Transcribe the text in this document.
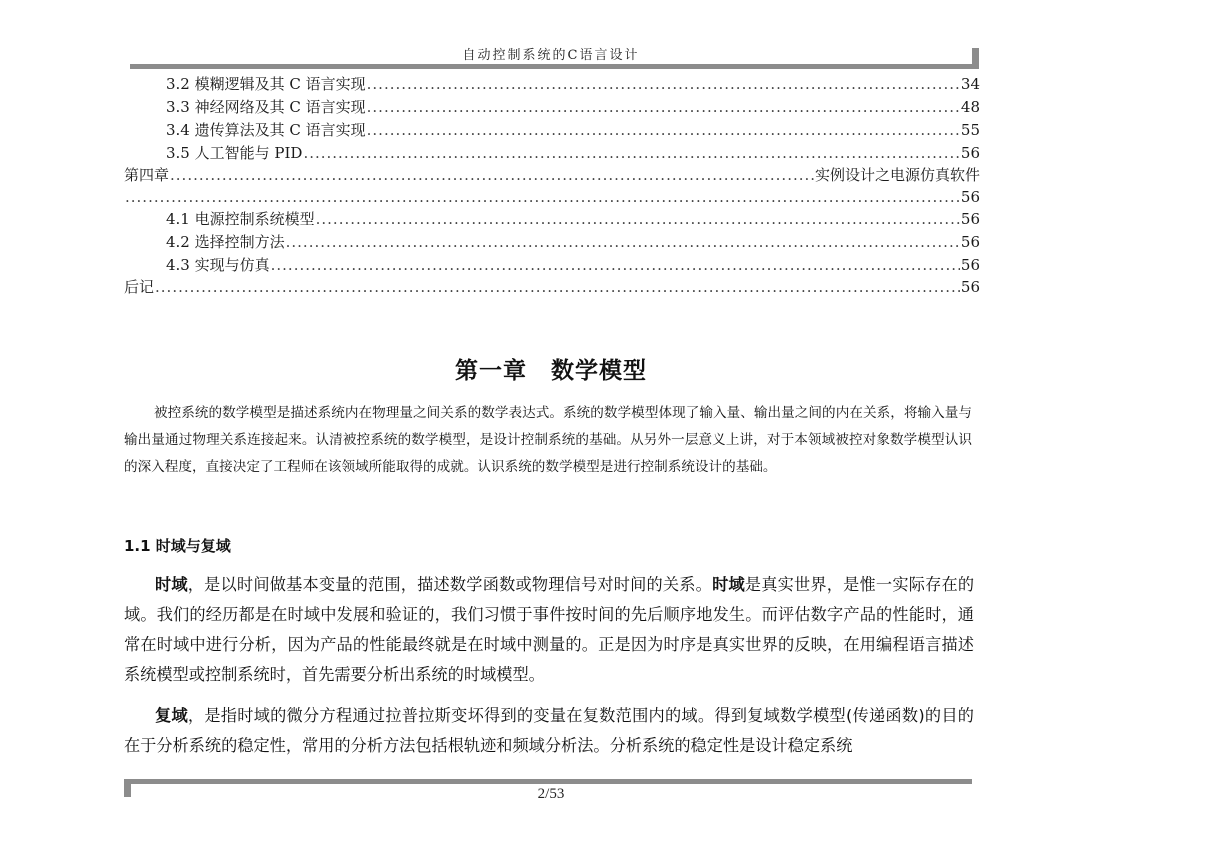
自动控制系统的C语言设计
3.2 模糊逻辑及其 C 语言实现 .....	34
3.3 神经网络及其 C 语言实现 .....	48
3.4 遗传算法及其 C 语言实现 .....	55
3.5 人工智能与 PID .....	56
第四章 .....	实例设计之电源仿真软件
.....
56
4.1 电源控制系统模型 .....	56
4.2 选择控制方法 .....	56
4.3 实现与仿真 .....	56
后记 .....	56
第一章　数学模型
被控系统的数学模型是描述系统内在物理量之间关系的数学表达式。系统的数学模型体现了输入量、输出量之间的内在关系，将输入量与输出量通过物理关系连接起来。认清被控系统的数学模型，是设计控制系统的基础。从另外一层意义上讲，对于本领域被控对象数学模型认识的深入程度，直接决定了工程师在该领域所能取得的成就。认识系统的数学模型是进行控制系统设计的基础。
1.1 时域与复域
时域，是以时间做基本变量的范围，描述数学函数或物理信号对时间的关系。时域是真实世界，是惟一实际存在的域。我们的经历都是在时域中发展和验证的，我们习惯于事件按时间的先后顺序地发生。而评估数字产品的性能时，通常在时域中进行分析，因为产品的性能最终就是在时域中测量的。正是因为时序是真实世界的反映，在用编程语言描述系统模型或控制系统时，首先需要分析出系统的时域模型。
复域，是指时域的微分方程通过拉普拉斯变坏得到的变量在复数范围内的域。得到复域数学模型(传递函数)的目的在于分析系统的稳定性，常用的分析方法包括根轨迹和频域分析法。分析系统的稳定性是设计稳定系统
2/53
